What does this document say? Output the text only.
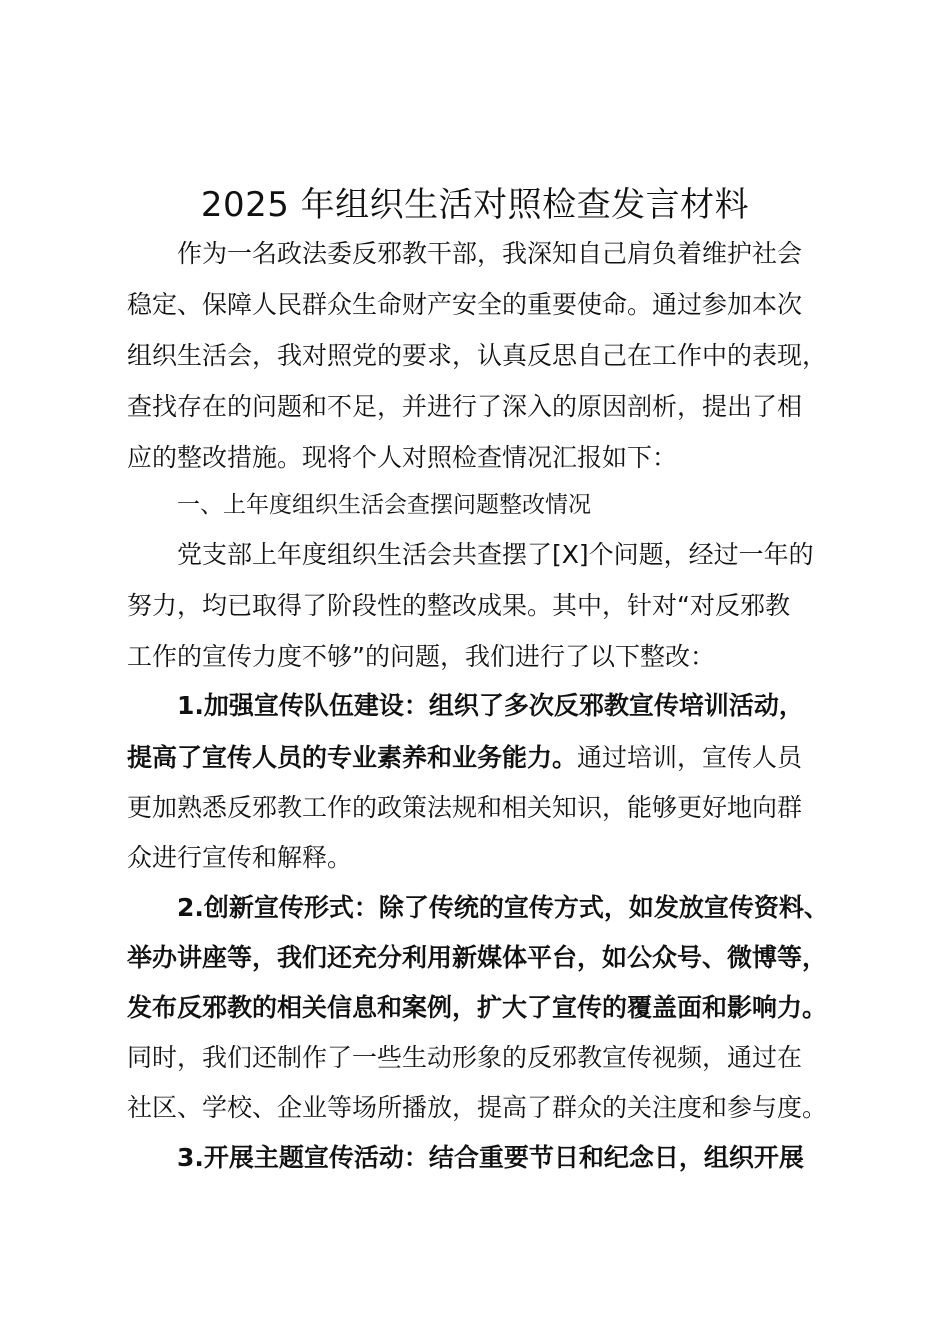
2025 年组织生活对照检查发言材料
作为一名政法委反邪教干部，我深知自己肩负着维护社会
稳定、保障人民群众生命财产安全的重要使命。通过参加本次
组织生活会，我对照党的要求，认真反思自己在工作中的表现，
查找存在的问题和不足，并进行了深入的原因剖析，提出了相
应的整改措施。现将个人对照检查情况汇报如下：
一、上年度组织生活会查摆问题整改情况
党支部上年度组织生活会共查摆了[X]个问题，经过一年的
努力，均已取得了阶段性的整改成果。其中，针对“对反邪教
工作的宣传力度不够”的问题，我们进行了以下整改：
1.加强宣传队伍建设：组织了多次反邪教宣传培训活动，
提高了宣传人员的专业素养和业务能力。通过培训，宣传人员
更加熟悉反邪教工作的政策法规和相关知识，能够更好地向群
众进行宣传和解释。
2.创新宣传形式：除了传统的宣传方式，如发放宣传资料、
举办讲座等，我们还充分利用新媒体平台，如公众号、微博等，
发布反邪教的相关信息和案例，扩大了宣传的覆盖面和影响力。
同时，我们还制作了一些生动形象的反邪教宣传视频，通过在
社区、学校、企业等场所播放，提高了群众的关注度和参与度。
3.开展主题宣传活动：结合重要节日和纪念日，组织开展
